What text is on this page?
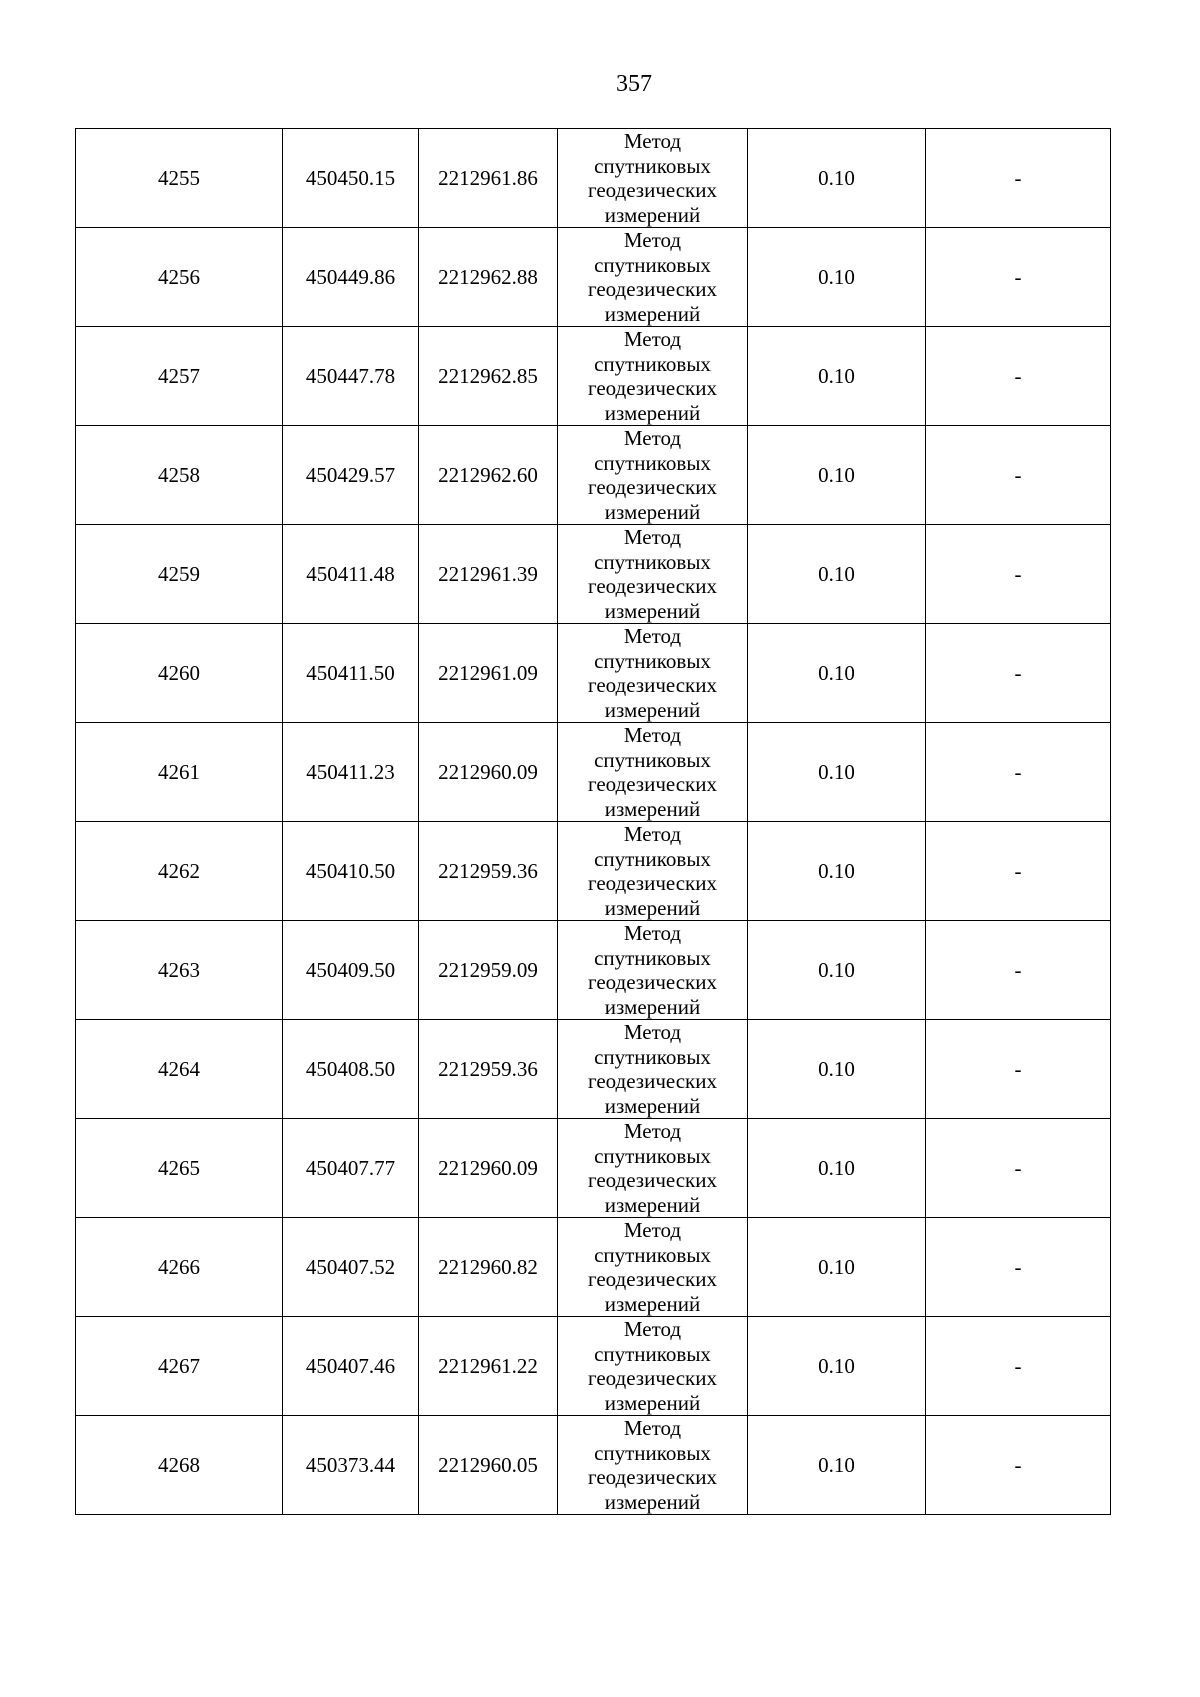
357
4255	450450.15	2212961.86	Метод
спутниковых
геодезических
измерений	0.10	-
4256	450449.86	2212962.88	Метод
спутниковых
геодезических
измерений	0.10	-
4257	450447.78	2212962.85	Метод
спутниковых
геодезических
измерений	0.10	-
4258	450429.57	2212962.60	Метод
спутниковых
геодезических
измерений	0.10	-
4259	450411.48	2212961.39	Метод
спутниковых
геодезических
измерений	0.10	-
4260	450411.50	2212961.09	Метод
спутниковых
геодезических
измерений	0.10	-
4261	450411.23	2212960.09	Метод
спутниковых
геодезических
измерений	0.10	-
4262	450410.50	2212959.36	Метод
спутниковых
геодезических
измерений	0.10	-
4263	450409.50	2212959.09	Метод
спутниковых
геодезических
измерений	0.10	-
4264	450408.50	2212959.36	Метод
спутниковых
геодезических
измерений	0.10	-
4265	450407.77	2212960.09	Метод
спутниковых
геодезических
измерений	0.10	-
4266	450407.52	2212960.82	Метод
спутниковых
геодезических
измерений	0.10	-
4267	450407.46	2212961.22	Метод
спутниковых
геодезических
измерений	0.10	-
4268	450373.44	2212960.05	Метод
спутниковых
геодезических
измерений	0.10	-
